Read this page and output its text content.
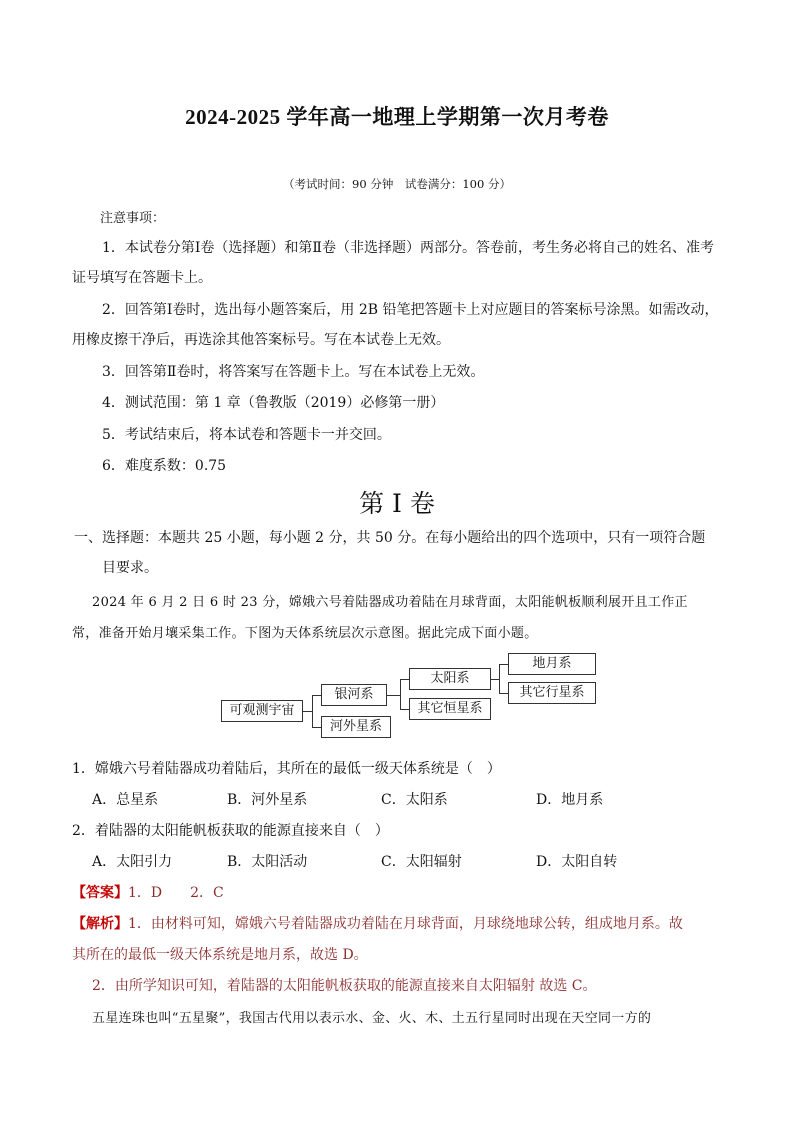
2024-2025 学年高一地理上学期第一次月考卷
（考试时间：90 分钟　试卷满分：100 分）
注意事项：
1．本试卷分第Ⅰ卷（选择题）和第Ⅱ卷（非选择题）两部分。答卷前，考生务必将自己的姓名、准考
证号填写在答题卡上。
2．回答第Ⅰ卷时，选出每小题答案后，用 2B 铅笔把答题卡上对应题目的答案标号涂黑。如需改动，
用橡皮擦干净后，再选涂其他答案标号。写在本试卷上无效。
3．回答第Ⅱ卷时，将答案写在答题卡上。写在本试卷上无效。
4．测试范围：第 1 章（鲁教版（2019）必修第一册）
5．考试结束后，将本试卷和答题卡一并交回。
6．难度系数：0.75
第 I 卷
一、选择题：本题共 25 小题，每小题 2 分，共 50 分。在每小题给出的四个选项中，只有一项符合题
目要求。
2024 年 6 月 2 日 6 时 23 分，嫦娥六号着陆器成功着陆在月球背面，太阳能帆板顺利展开且工作正
常，准备开始月壤采集工作。下图为天体系统层次示意图。据此完成下面小题。
可观测宇宙
银河系
河外星系
太阳系
其它恒星系
地月系
其它行星系
1．嫦娥六号着陆器成功着陆后，其所在的最低一级天体系统是（　）
A．总星系	B．河外星系	C．太阳系	D．地月系
2．着陆器的太阳能帆板获取的能源直接来自（　）
A．太阳引力	B．太阳活动	C．太阳辐射	D．太阳自转
【答案】1．D　　2．C
【解析】1．由材料可知，嫦娥六号着陆器成功着陆在月球背面，月球绕地球公转，组成地月系。故
其所在的最低一级天体系统是地月系，故选 D。
2．由所学知识可知，着陆器的太阳能帆板获取的能源直接来自太阳辐射 故选 C。
五星连珠也叫“五星聚”，我国古代用以表示水、金、火、木、土五行星同时出现在天空同一方的
